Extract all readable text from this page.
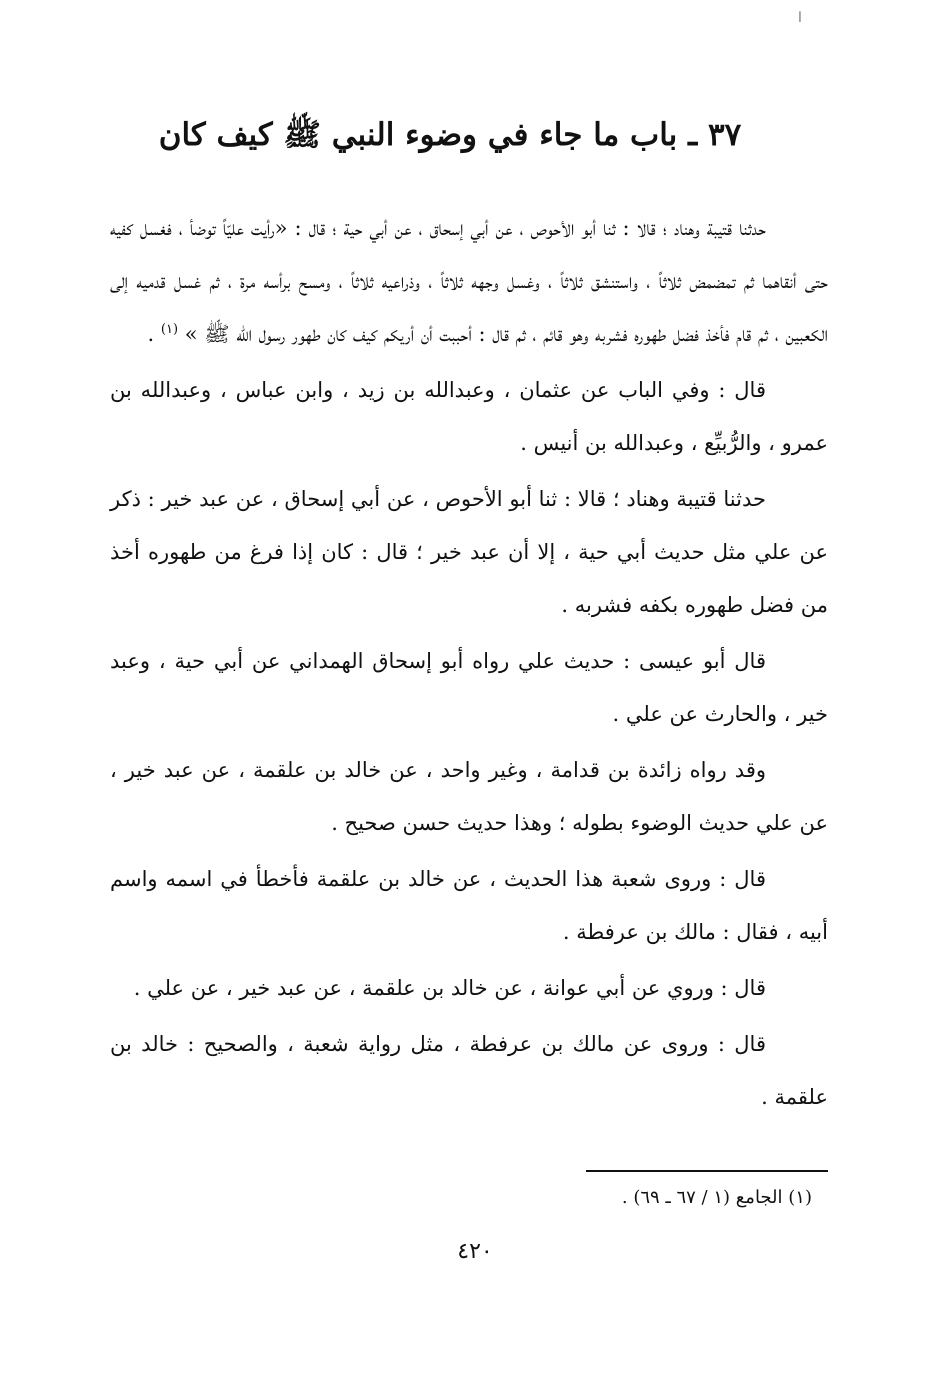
ا
٣٧ ـ باب ما جاء في وضوء النبي ﷺ كيف كان

حدثنا قتيبة وهناد ؛ قالا : ثنا أبو الأحوص ، عن أبي إسحاق ، عن أبي حية ؛ قال : «رأيت عليّاً توضأ ، فغسل كفيه حتى أنقاهما ثم تمضمض ثلاثاً ، واستنشق ثلاثاً ، وغسل وجهه ثلاثاً ، وذراعيه ثلاثاً ، ومسح برأسه مرة ، ثم غسل قدميه إلى الكعبين ، ثم قام فأخذ فضل طهوره فشربه وهو قائم ، ثم قال : أحببت أن أريكم كيف كان طهور رسول الله ﷺ » $^{(١)}$ .

قال : وفي الباب عن عثمان ، وعبدالله بن زيد ، وابن عباس ، وعبدالله بن عمرو ، والرُّبيِّع ، وعبدالله بن أنيس .

حدثنا قتيبة وهناد ؛ قالا : ثنا أبو الأحوص ، عن أبي إسحاق ، عن عبد خير : ذكر عن علي مثل حديث أبي حية ، إلا أن عبد خير ؛ قال : كان إذا فرغ من طهوره أخذ من فضل طهوره بكفه فشربه .

قال أبو عيسى : حديث علي رواه أبو إسحاق الهمداني عن أبي حية ، وعبد خير ، والحارث عن علي .

وقد رواه زائدة بن قدامة ، وغير واحد ، عن خالد بن علقمة ، عن عبد خير ، عن علي حديث الوضوء بطوله ؛ وهذا حديث حسن صحيح .

قال : وروى شعبة هذا الحديث ، عن خالد بن علقمة فأخطأ في اسمه واسم أبيه ، فقال : مالك بن عرفطة .

قال : وروي عن أبي عوانة ، عن خالد بن علقمة ، عن عبد خير ، عن علي .

قال : وروى عن مالك بن عرفطة ، مثل رواية شعبة ، والصحيح : خالد بن علقمة .

(١) الجامع (١ / ٦٧ ـ ٦٩) .
٤٢٠
